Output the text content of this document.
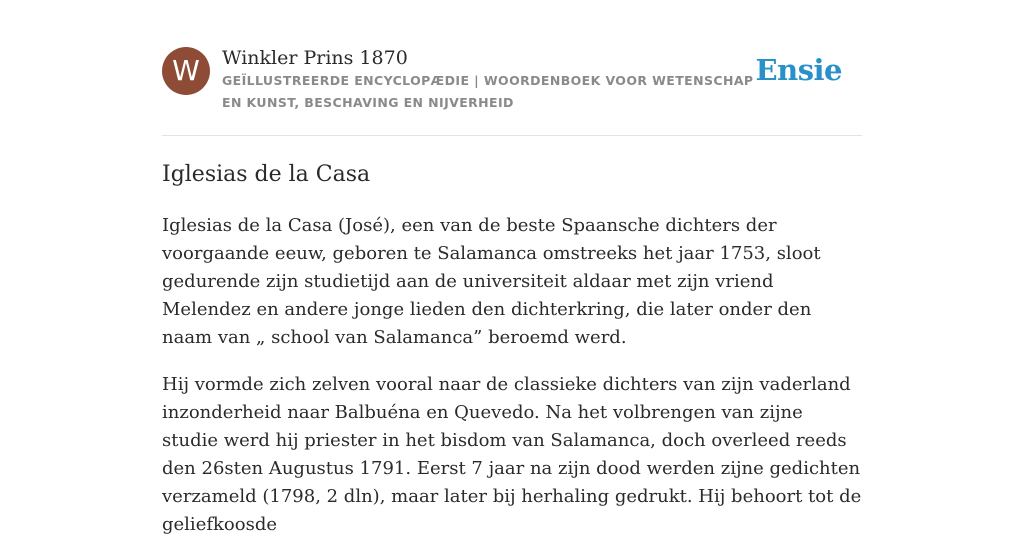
W	Winkler Prins 1870

GEÏLLUSTREERDE ENCYCLOPÆDIE | WOORDENBOEK VOOR WETENSCHAP EN KUNST, BESCHAVING EN NIJVERHEID

Ensie
Iglesias de la Casa

Iglesias de la Casa (José), een van de beste Spaansche dichters der voorgaande eeuw, geboren te Salamanca omstreeks het jaar 1753, sloot gedurende zijn studietijd aan de universiteit aldaar met zijn vriend Melendez en andere jonge lieden den dichterkring, die later onder den naam van „ school van Salamanca” beroemd werd.

Hij vormde zich zelven vooral naar de classieke dichters van zijn vaderland inzonderheid naar Balbuéna en Quevedo. Na het volbrengen van zijne studie werd hij priester in het bisdom van Salamanca, doch overleed reeds den 26sten Augustus 1791. Eerst 7 jaar na zijn dood werden zijne gedichten verzameld (1798, 2 dln), maar later bij herhaling gedrukt. Hij behoort tot de geliefkoosde
